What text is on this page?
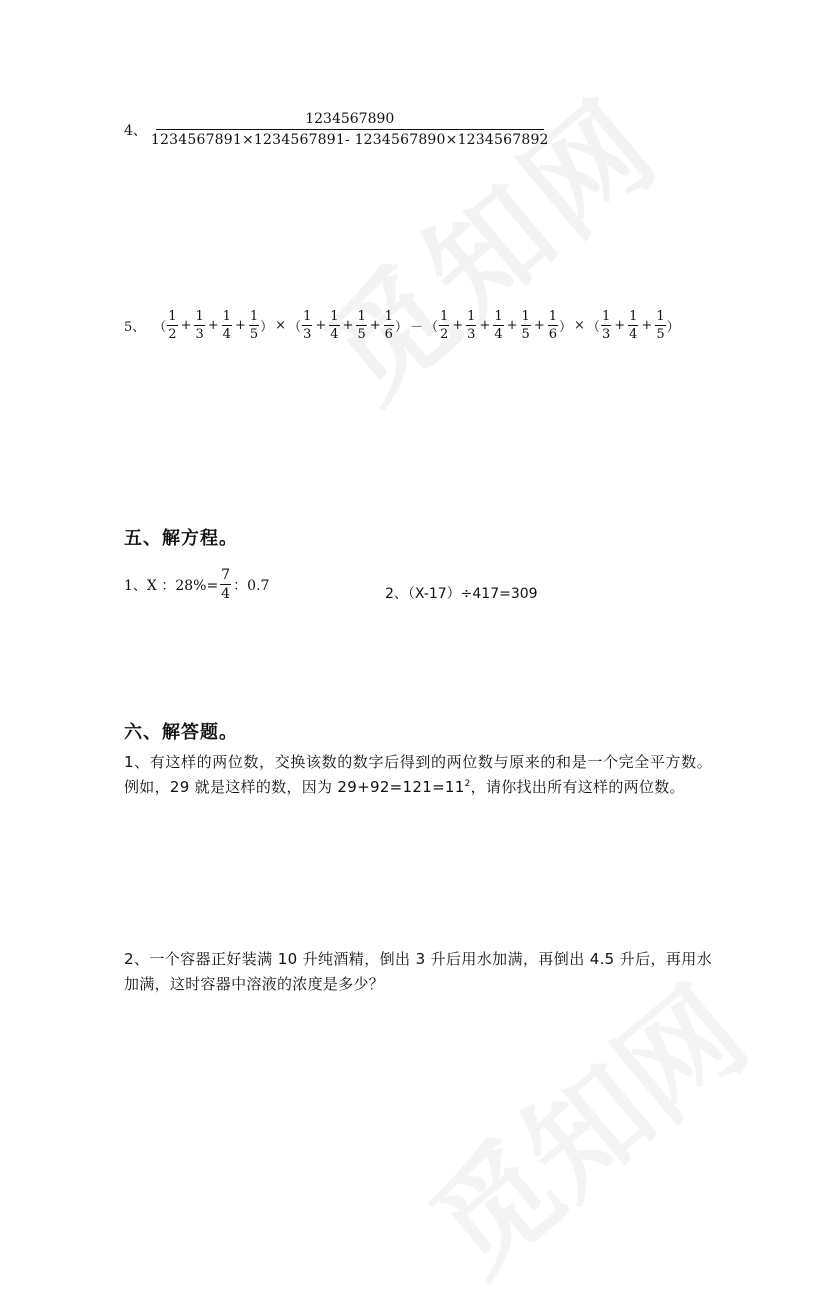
4、 $\frac{1234567890}{1234567891\times 1234567891- 1234567890\times 1234567892}$
5、 （ $\frac{1}{2} + \frac{1}{3} + \frac{1}{4} + \frac{1}{5}$ ） × （ $\frac{1}{3} + \frac{1}{4} + \frac{1}{5} + \frac{1}{6}$ ） － （ $\frac{1}{2} + \frac{1}{3} + \frac{1}{4} + \frac{1}{5} + \frac{1}{6}$ ） × （ $\frac{1}{3} + \frac{1}{4} + \frac{1}{5}$ ）
五、解方程。
1、X ：$28\%= \frac{7}{4}$ ：0.7
2、（X-17）÷417=309
六、解答题。
1、有这样的两位数，交换该数的数字后得到的两位数与原来的和是一个完全平方数。例如，29 就是这样的数，因为 $29+92=121=11^2$，请你找出所有这样的两位数。
2、一个容器正好装满 10 升纯酒精，倒出 3 升后用水加满，再倒出 4.5 升后，再用水加满，这时容器中溶液的浓度是多少？
